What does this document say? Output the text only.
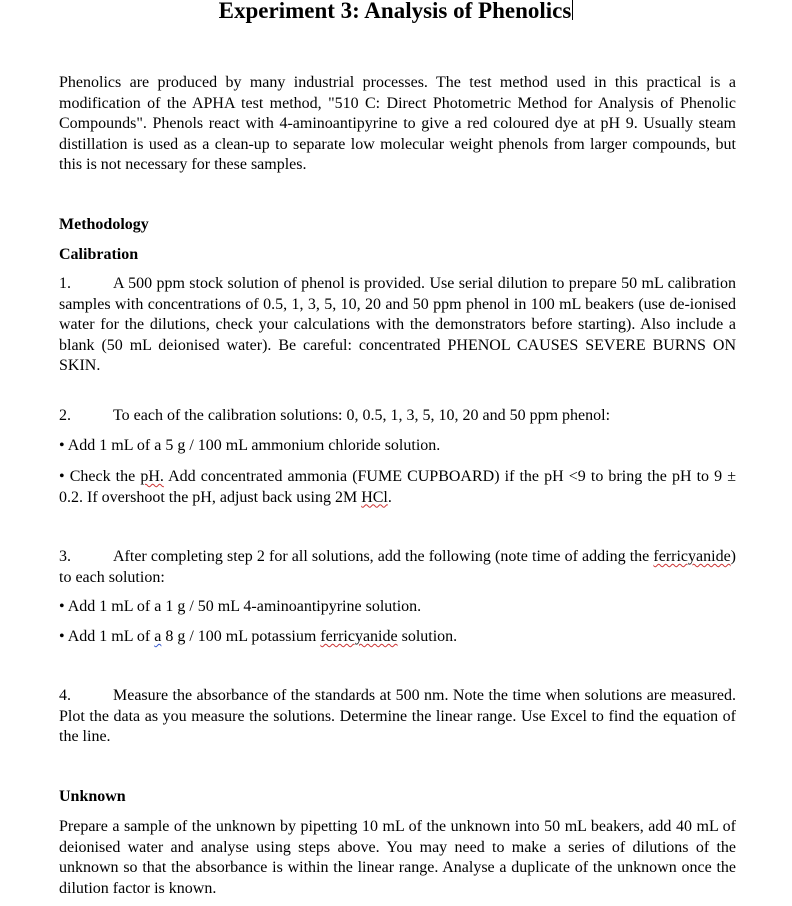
Experiment 3: Analysis of Phenolics
Phenolics are produced by many industrial processes. The test method used in this practical is a modification of the APHA test method, "510 C: Direct Photometric Method for Analysis of Phenolic Compounds". Phenols react with 4-aminoantipyrine to give a red coloured dye at pH 9. Usually steam distillation is used as a clean-up to separate low molecular weight phenols from larger compounds, but this is not necessary for these samples.
Methodology
Calibration
1.	A 500 ppm stock solution of phenol is provided. Use serial dilution to prepare 50 mL calibration samples with concentrations of 0.5, 1, 3, 5, 10, 20 and 50 ppm phenol in 100 mL beakers (use de-ionised water for the dilutions, check your calculations with the demonstrators before starting). Also include a blank (50 mL deionised water). Be careful: concentrated PHENOL CAUSES SEVERE BURNS ON SKIN.
2.	To each of the calibration solutions: 0, 0.5, 1, 3, 5, 10, 20 and 50 ppm phenol:
• Add 1 mL of a 5 g / 100 mL ammonium chloride solution.
• Check the pH. Add concentrated ammonia (FUME CUPBOARD) if the pH <9 to bring the pH to 9 ± 0.2. If overshoot the pH, adjust back using 2M HCl.
3.	After completing step 2 for all solutions, add the following (note time of adding the ferricyanide) to each solution:
• Add 1 mL of a 1 g / 50 mL 4-aminoantipyrine solution.
• Add 1 mL of a 8 g / 100 mL potassium ferricyanide solution.
4.	Measure the absorbance of the standards at 500 nm. Note the time when solutions are measured. Plot the data as you measure the solutions. Determine the linear range. Use Excel to find the equation of the line.
Unknown
Prepare a sample of the unknown by pipetting 10 mL of the unknown into 50 mL beakers, add 40 mL of deionised water and analyse using steps above. You may need to make a series of dilutions of the unknown so that the absorbance is within the linear range. Analyse a duplicate of the unknown once the dilution factor is known.
